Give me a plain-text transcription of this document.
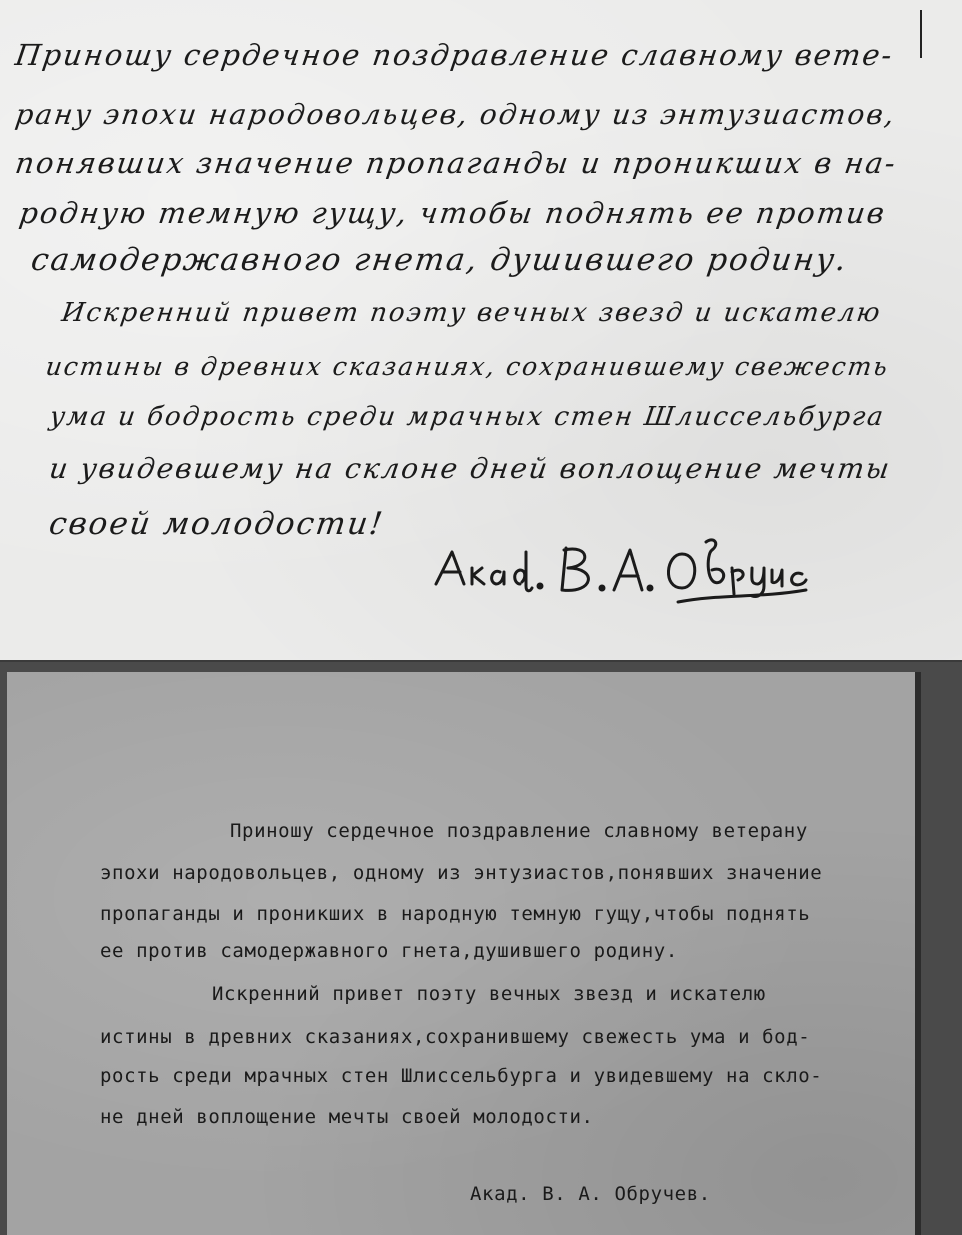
Приношу сердечное поздравление славному вете-
рану эпохи народовольцев, одному из энтузиастов,
понявших значение пропаганды и проникших в на-
родную темную гущу, чтобы поднять ее против
самодержавного гнета, душившего родину.
Искренний привет поэту вечных звезд и искателю
истины в древних сказаниях, сохранившему свежесть
ума и бодрость среди мрачных стен Шлиссельбурга
и увидевшему на склоне дней воплощение мечты
своей молодости!
Приношу сердечное поздравление славному ветерану
эпохи народовольцев, одному из энтузиастов,понявших значение
пропаганды и проникших в народную темную гущу,чтобы поднять
ее против самодержавного гнета,душившего родину.
Искренний привет поэту вечных звезд и искателю
истины в древних сказаниях,сохранившему свежесть ума и бод-
рость среди мрачных стен Шлиссельбурга и увидевшему на скло-
не дней воплощение мечты своей молодости.
Акад. В. А. Обручев.
